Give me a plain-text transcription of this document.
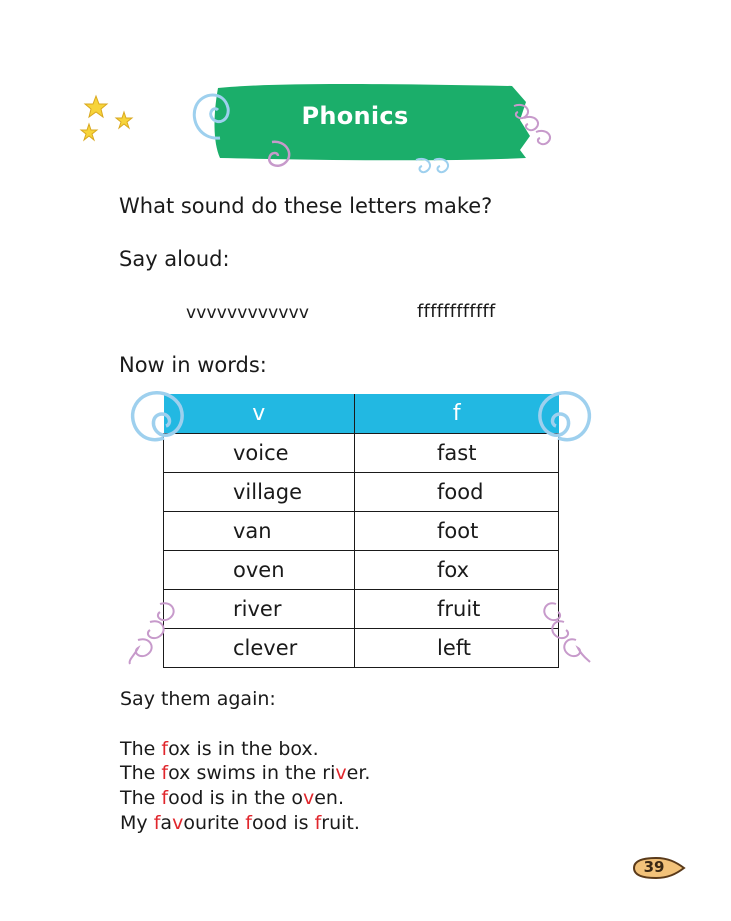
Phonics
What sound do these letters make?
Say aloud:
vvvvvvvvvvvv	ffffffffffff
Now in words:
v	f
voice	fast
village	food
van	foot
oven	fox
river	fruit
clever	left
Say them again:
The fox is in the box.
The fox swims in the river.
The food is in the oven.
My favourite food is fruit.
39
